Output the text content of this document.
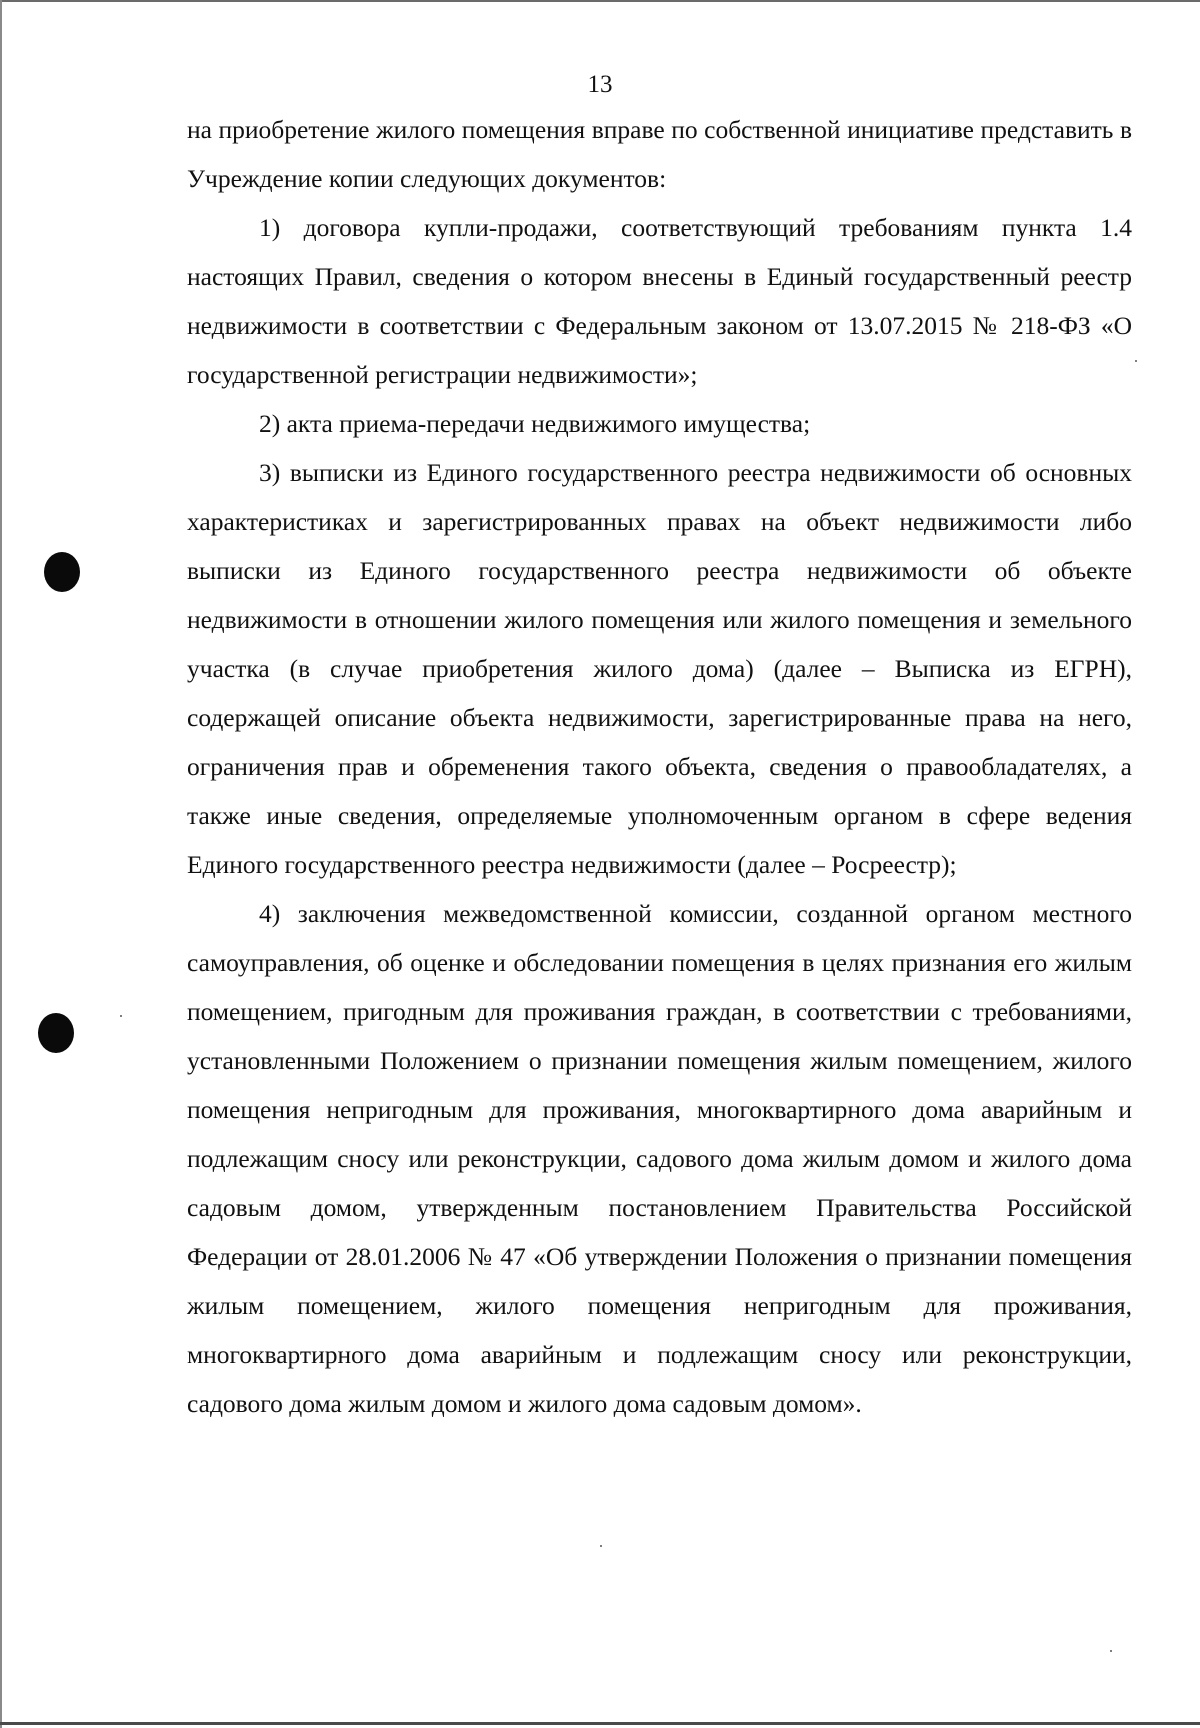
13

на приобретение жилого помещения вправе по собственной инициативе представить в Учреждение копии следующих документов:

1) договора купли-продажи, соответствующий требованиям пункта 1.4 настоящих Правил, сведения о котором внесены в Единый государственный реестр недвижимости в соответствии с Федеральным законом от 13.07.2015 № 218-ФЗ «О государственной регистрации недвижимости»;

2) акта приема-передачи недвижимого имущества;

3) выписки из Единого государственного реестра недвижимости об основных характеристиках и зарегистрированных правах на объект недвижимости либо выписки из Единого государственного реестра недвижимости об объекте недвижимости в отношении жилого помещения или жилого помещения и земельного участка (в случае приобретения жилого дома) (далее – Выписка из ЕГРН), содержащей описание объекта недвижимости, зарегистрированные права на него, ограничения прав и обременения такого объекта, сведения о правообладателях, а также иные сведения, определяемые уполномоченным органом в сфере ведения Единого государственного реестра недвижимости (далее – Росреестр);

4) заключения межведомственной комиссии, созданной органом местного самоуправления, об оценке и обследовании помещения в целях признания его жилым помещением, пригодным для проживания граждан, в соответствии с требованиями, установленными Положением о признании помещения жилым помещением, жилого помещения непригодным для проживания, многоквартирного дома аварийным и подлежащим сносу или реконструкции, садового дома жилым домом и жилого дома садовым домом, утвержденным постановлением Правительства Российской Федерации от 28.01.2006 № 47 «Об утверждении Положения о признании помещения жилым помещением, жилого помещения непригодным для проживания, многоквартирного дома аварийным и подлежащим сносу или реконструкции, садового дома жилым домом и жилого дома садовым домом».
